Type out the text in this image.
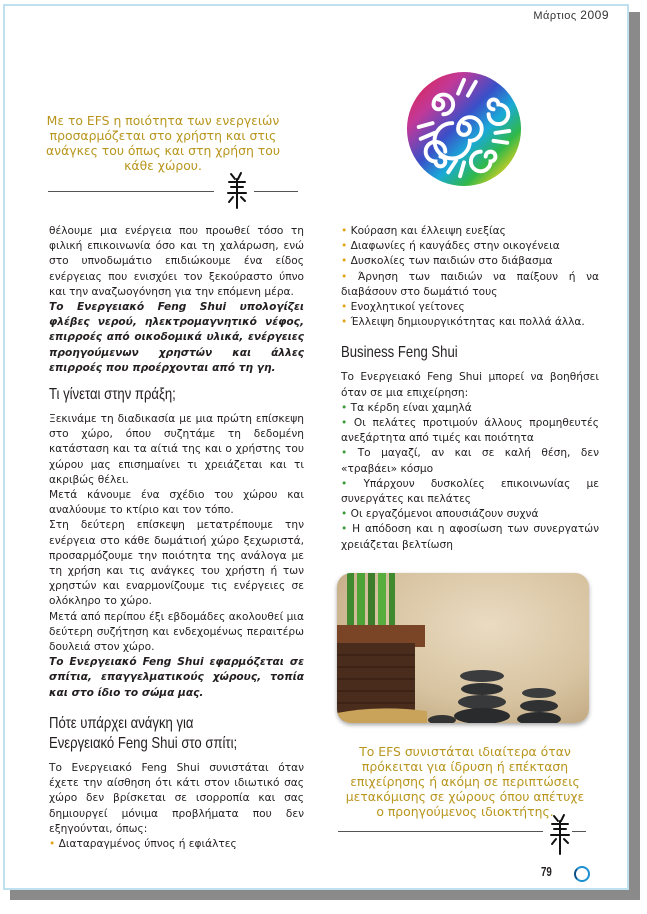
Μάρτιος 2009
Με το EFS η ποιότητα των ενεργειών προσαρμόζεται στο χρήστη και στις ανάγκες του όπως και στη χρήση του κάθε χώρου.

θέλουμε μια ενέργεια που προωθεί τόσο τη φιλική επικοινωνία όσο και τη χαλάρωση, ενώ στο υπνοδωμάτιο επιδιώκουμε ένα είδος ενέργειας που ενισχύει τον ξεκούραστο ύπνο και την αναζωογόνηση για την επόμενη μέρα.

Το Ενεργειακό Feng Shui υπολογίζει φλέβες νερού, ηλεκτρομαγνητικό νέφος, επιρροές από οικοδομικά υλικά, ενέργειες προηγούμενων χρηστών και άλλες επιρροές που προέρχονται από τη γη.

Τι γίνεται στην πράξη;

Ξεκινάμε τη διαδικασία με μια πρώτη επίσκεψη στο χώρο, όπου συζητάμε τη δεδομένη κατάσταση και τα αίτιά της και ο χρήστης του χώρου μας επισημαίνει τι χρειάζεται και τι ακριβώς θέλει.

Μετά κάνουμε ένα σχέδιο του χώρου και αναλύουμε το κτίριο και τον τόπο.

Στη δεύτερη επίσκεψη μετατρέπουμε την ενέργεια στο κάθε δωμάτιοή χώρο ξεχωριστά, προσαρμόζουμε την ποιότητα της ανάλογα με τη χρήση και τις ανάγκες του χρήστη ή των χρηστών και εναρμονίζουμε τις ενέργειες σε ολόκληρο το χώρο.

Μετά από περίπου έξι εβδομάδες ακολουθεί μια δεύτερη συζήτηση και ενδεχομένως περαιτέρω δουλειά στον χώρο.

Το Ενεργειακό Feng Shui εφαρμόζεται σε σπίτια, επαγγελματικούς χώρους, τοπία και στο ίδιο το σώμα μας.

Πότε υπάρχει ανάγκη για
Ενεργειακό Feng Shui στο σπίτι;

Το Ενεργειακό Feng Shui συνιστάται όταν έχετε την αίσθηση ότι κάτι στον ιδιωτικό σας χώρο δεν βρίσκεται σε ισορροπία και σας δημιουργεί μόνιμα προβλήματα που δεν εξηγούνται, όπως:

• Διαταραγμένος ύπνος ή εφιάλτες

• Κούραση και έλλειψη ευεξίας

• Διαφωνίες ή καυγάδες στην οικογένεια

• Δυσκολίες των παιδιών στο διάβασμα

• Άρνηση των παιδιών να παίξουν ή να διαβάσουν στο δωμάτιό τους

• Ενοχλητικοί γείτονες

• Έλλειψη δημιουργικότητας και πολλά άλλα.

Business Feng Shui

Το Ενεργειακό Feng Shui μπορεί να βοηθήσει όταν σε μια επιχείρηση:

• Τα κέρδη είναι χαμηλά

• Οι πελάτες προτιμούν άλλους προμηθευτές ανεξάρτητα από τιμές και ποιότητα

• Το μαγαζί, αν και σε καλή θέση, δεν «τραβάει» κόσμο

• Υπάρχουν δυσκολίες επικοινωνίας με συνεργάτες και πελάτες

• Οι εργαζόμενοι απουσιάζουν συχνά

• Η απόδοση και η αφοσίωση των συνεργατών χρειάζεται βελτίωση

Το EFS συνιστάται ιδιαίτερα όταν πρόκειται για ίδρυση ή επέκταση επιχείρησης ή ακόμη σε περιπτώσεις μετακόμισης σε χώρους όπου απέτυχε ο προηγούμενος ιδιοκτήτης.
79
